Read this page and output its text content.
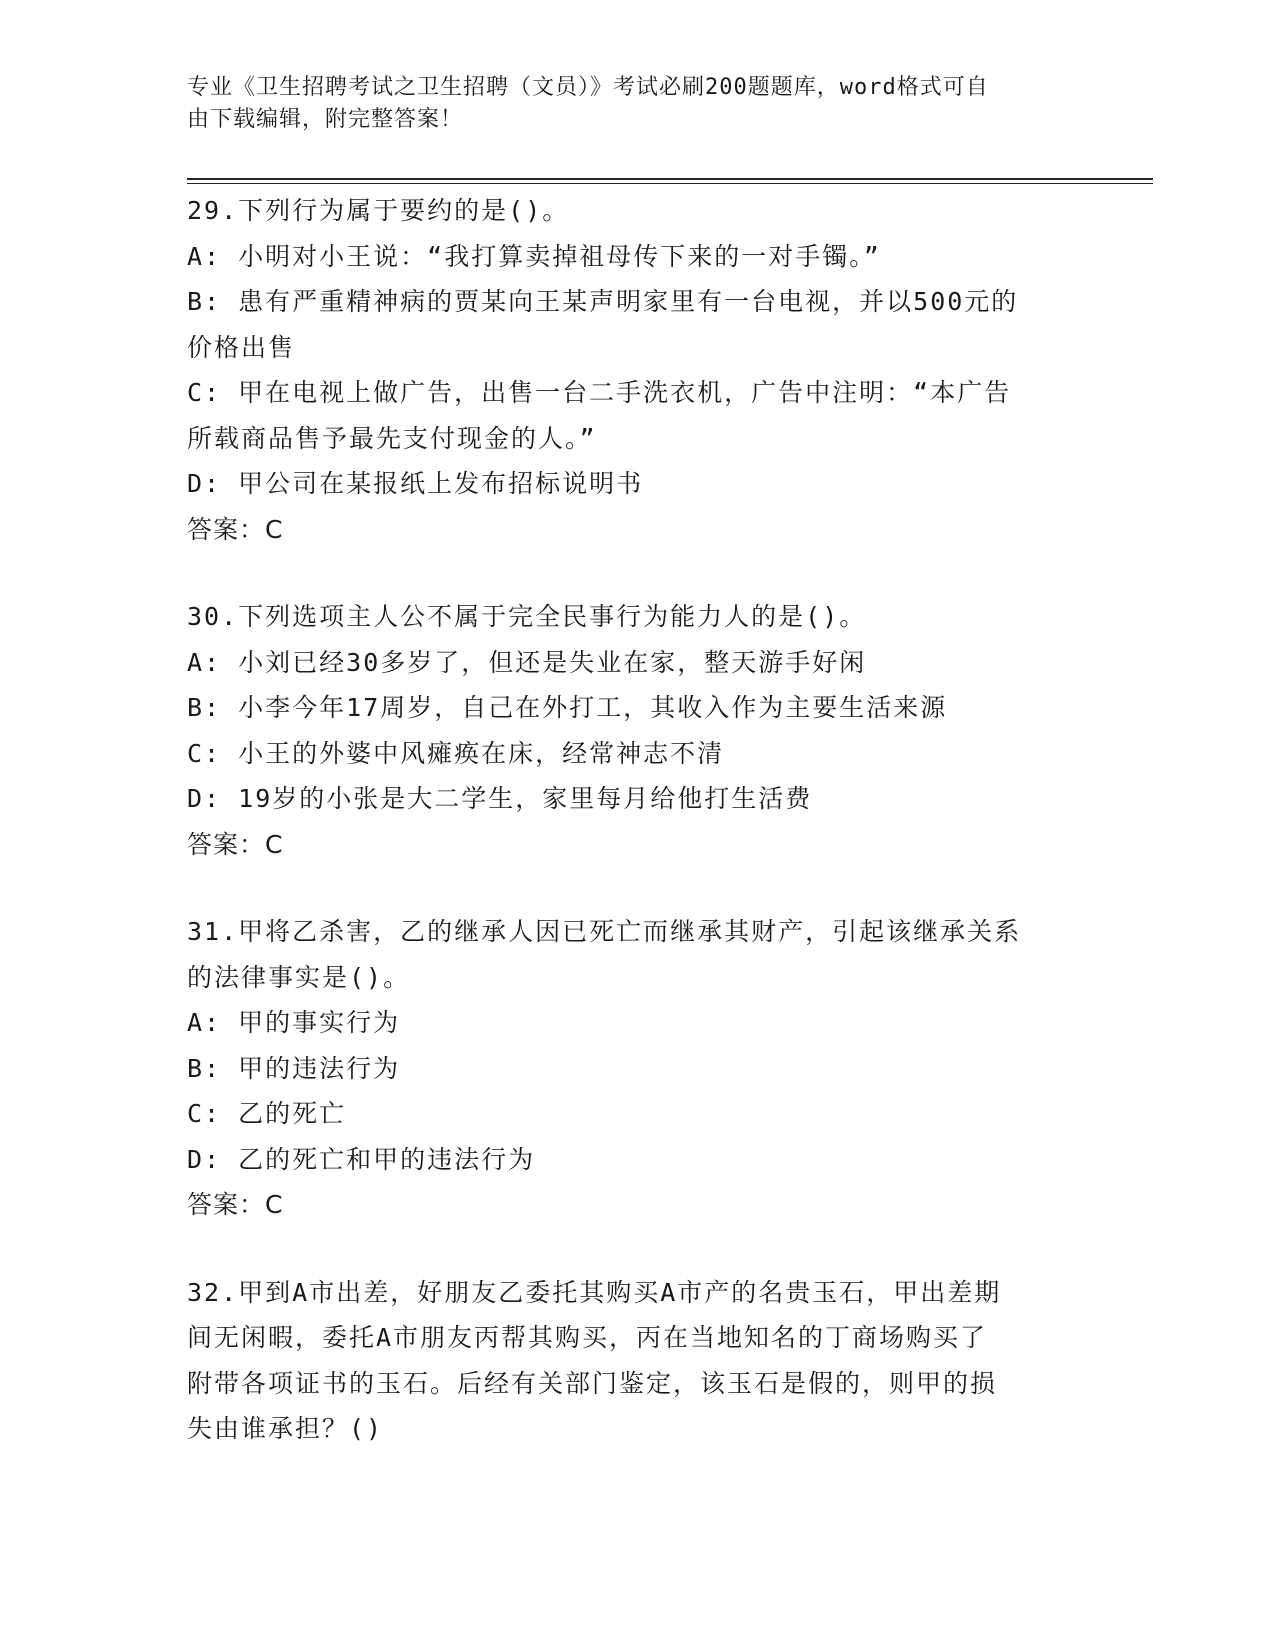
专业《卫生招聘考试之卫生招聘（文员）》考试必刷200题题库，word格式可自
由下载编辑，附完整答案！
29.下列行为属于要约的是()。
A: 小明对小王说：“我打算卖掉祖母传下来的一对手镯。”
B: 患有严重精神病的贾某向王某声明家里有一台电视，并以500元的
价格出售
C: 甲在电视上做广告，出售一台二手洗衣机，广告中注明：“本广告
所载商品售予最先支付现金的人。”
D: 甲公司在某报纸上发布招标说明书
答案：C
30.下列选项主人公不属于完全民事行为能力人的是()。
A: 小刘已经30多岁了，但还是失业在家，整天游手好闲
B: 小李今年17周岁，自己在外打工，其收入作为主要生活来源
C: 小王的外婆中风瘫痪在床，经常神志不清
D: 19岁的小张是大二学生，家里每月给他打生活费
答案：C
31.甲将乙杀害，乙的继承人因已死亡而继承其财产，引起该继承关系
的法律事实是()。
A: 甲的事实行为
B: 甲的违法行为
C: 乙的死亡
D: 乙的死亡和甲的违法行为
答案：C
32.甲到A市出差，好朋友乙委托其购买A市产的名贵玉石，甲出差期
间无闲暇，委托A市朋友丙帮其购买，丙在当地知名的丁商场购买了
附带各项证书的玉石。后经有关部门鉴定，该玉石是假的，则甲的损
失由谁承担？()
